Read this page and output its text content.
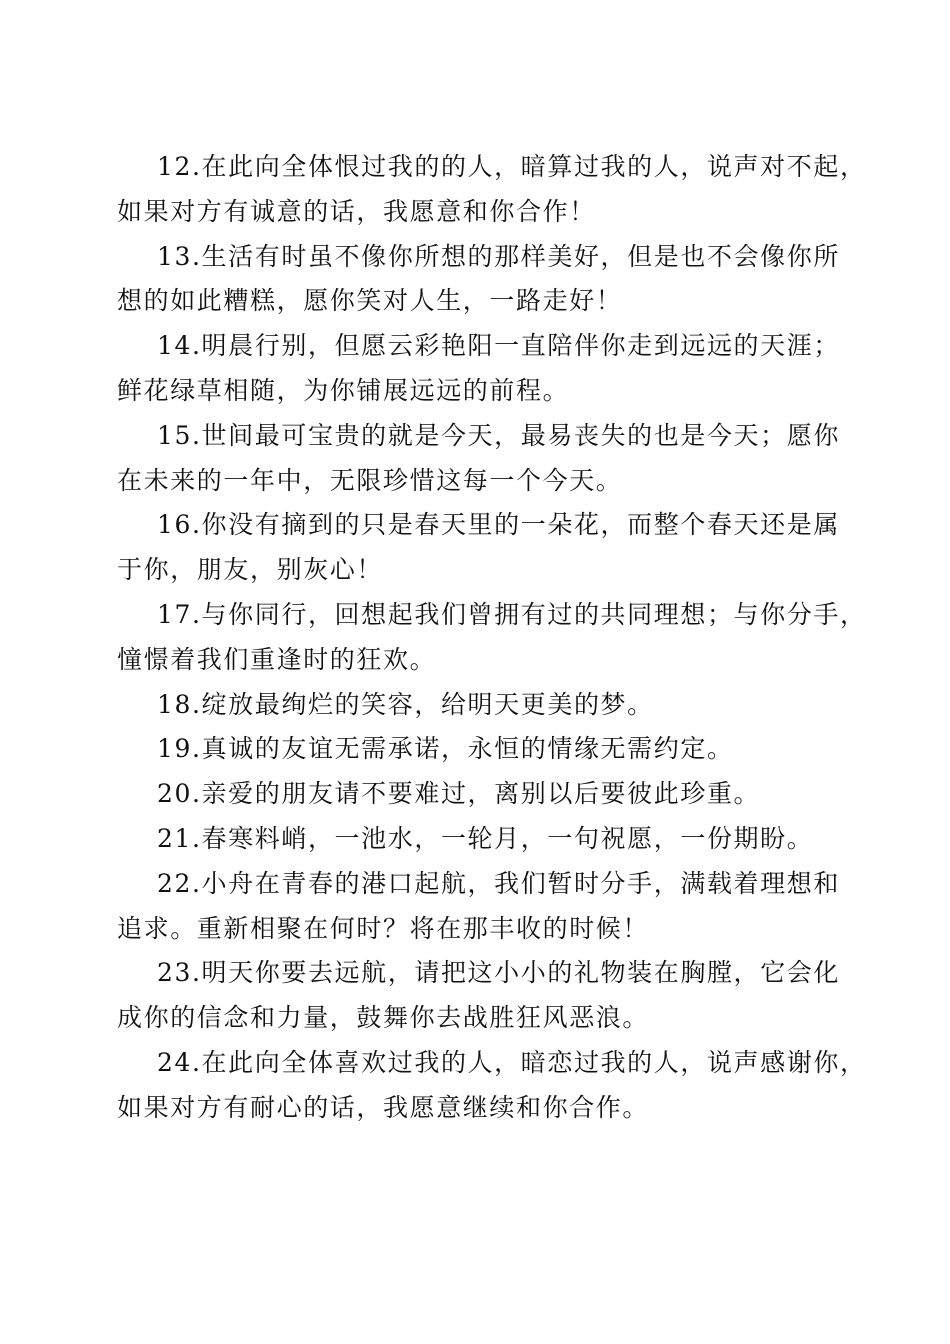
12.在此向全体恨过我的的人，暗算过我的人，说声对不起，
如果对方有诚意的话，我愿意和你合作！
13.生活有时虽不像你所想的那样美好，但是也不会像你所
想的如此糟糕，愿你笑对人生，一路走好！
14.明晨行别，但愿云彩艳阳一直陪伴你走到远远的天涯；
鲜花绿草相随，为你铺展远远的前程。
15.世间最可宝贵的就是今天，最易丧失的也是今天；愿你
在未来的一年中，无限珍惜这每一个今天。
16.你没有摘到的只是春天里的一朵花，而整个春天还是属
于你，朋友，别灰心！
17.与你同行，回想起我们曾拥有过的共同理想；与你分手，
憧憬着我们重逢时的狂欢。
18.绽放最绚烂的笑容，给明天更美的梦。
19.真诚的友谊无需承诺，永恒的情缘无需约定。
20.亲爱的朋友请不要难过，离别以后要彼此珍重。
21.春寒料峭，一池水，一轮月，一句祝愿，一份期盼。
22.小舟在青春的港口起航，我们暂时分手，满载着理想和
追求。重新相聚在何时？将在那丰收的时候！
23.明天你要去远航，请把这小小的礼物装在胸膛，它会化
成你的信念和力量，鼓舞你去战胜狂风恶浪。
24.在此向全体喜欢过我的人，暗恋过我的人，说声感谢你，
如果对方有耐心的话，我愿意继续和你合作。
